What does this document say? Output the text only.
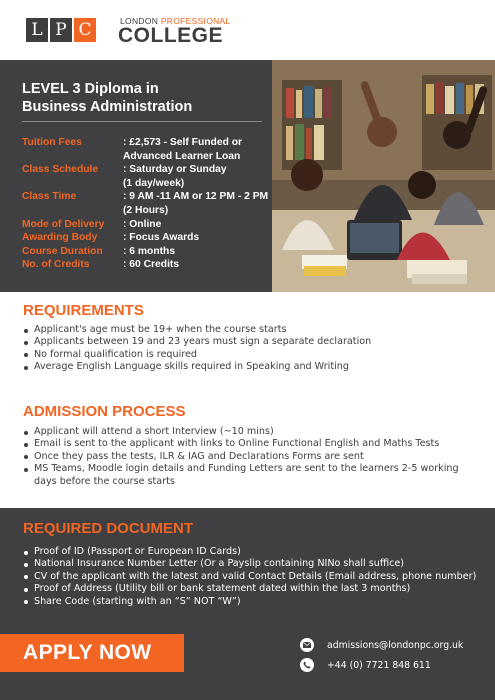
L P C	LONDON PROFESSIONAL
COLLEGE
LEVEL 3 Diploma in
Business Administration
Tuition Fees	: £2,573 - Self Funded or
Advanced Learner Loan
Class Schedule	: Saturday or Sunday
(1 day/week)
Class Time	: 9 AM -11 AM or 12 PM - 2 PM
(2 Hours)
Mode of Delivery	: Online
Awarding Body	: Focus Awards
Course Duration	: 6 months
No. of Credits	: 60 Credits
REQUIREMENTS
Applicant's age must be 19+ when the course starts
Applicants between 19 and 23 years must sign a separate declaration
No formal qualification is required
Average English Language skills required in Speaking and Writing
ADMISSION PROCESS
Applicant will attend a short Interview (~10 mins)
Email is sent to the applicant with links to Online Functional English and Maths Tests
Once they pass the tests, ILR & IAG and Declarations Forms are sent
MS Teams, Moodle login details and Funding Letters are sent to the learners 2-5 working days before the course starts
REQUIRED DOCUMENT
Proof of ID (Passport or European ID Cards)
National Insurance Number Letter (Or a Payslip containing NINo shall suffice)
CV of the applicant with the latest and valid Contact Details (Email address, phone number)
Proof of Address (Utility bill or bank statement dated within the last 3 months)
Share Code (starting with an “S” NOT “W”)
APPLY NOW	admissions@londonpc.org.uk
+44 (0) 7721 848 611
